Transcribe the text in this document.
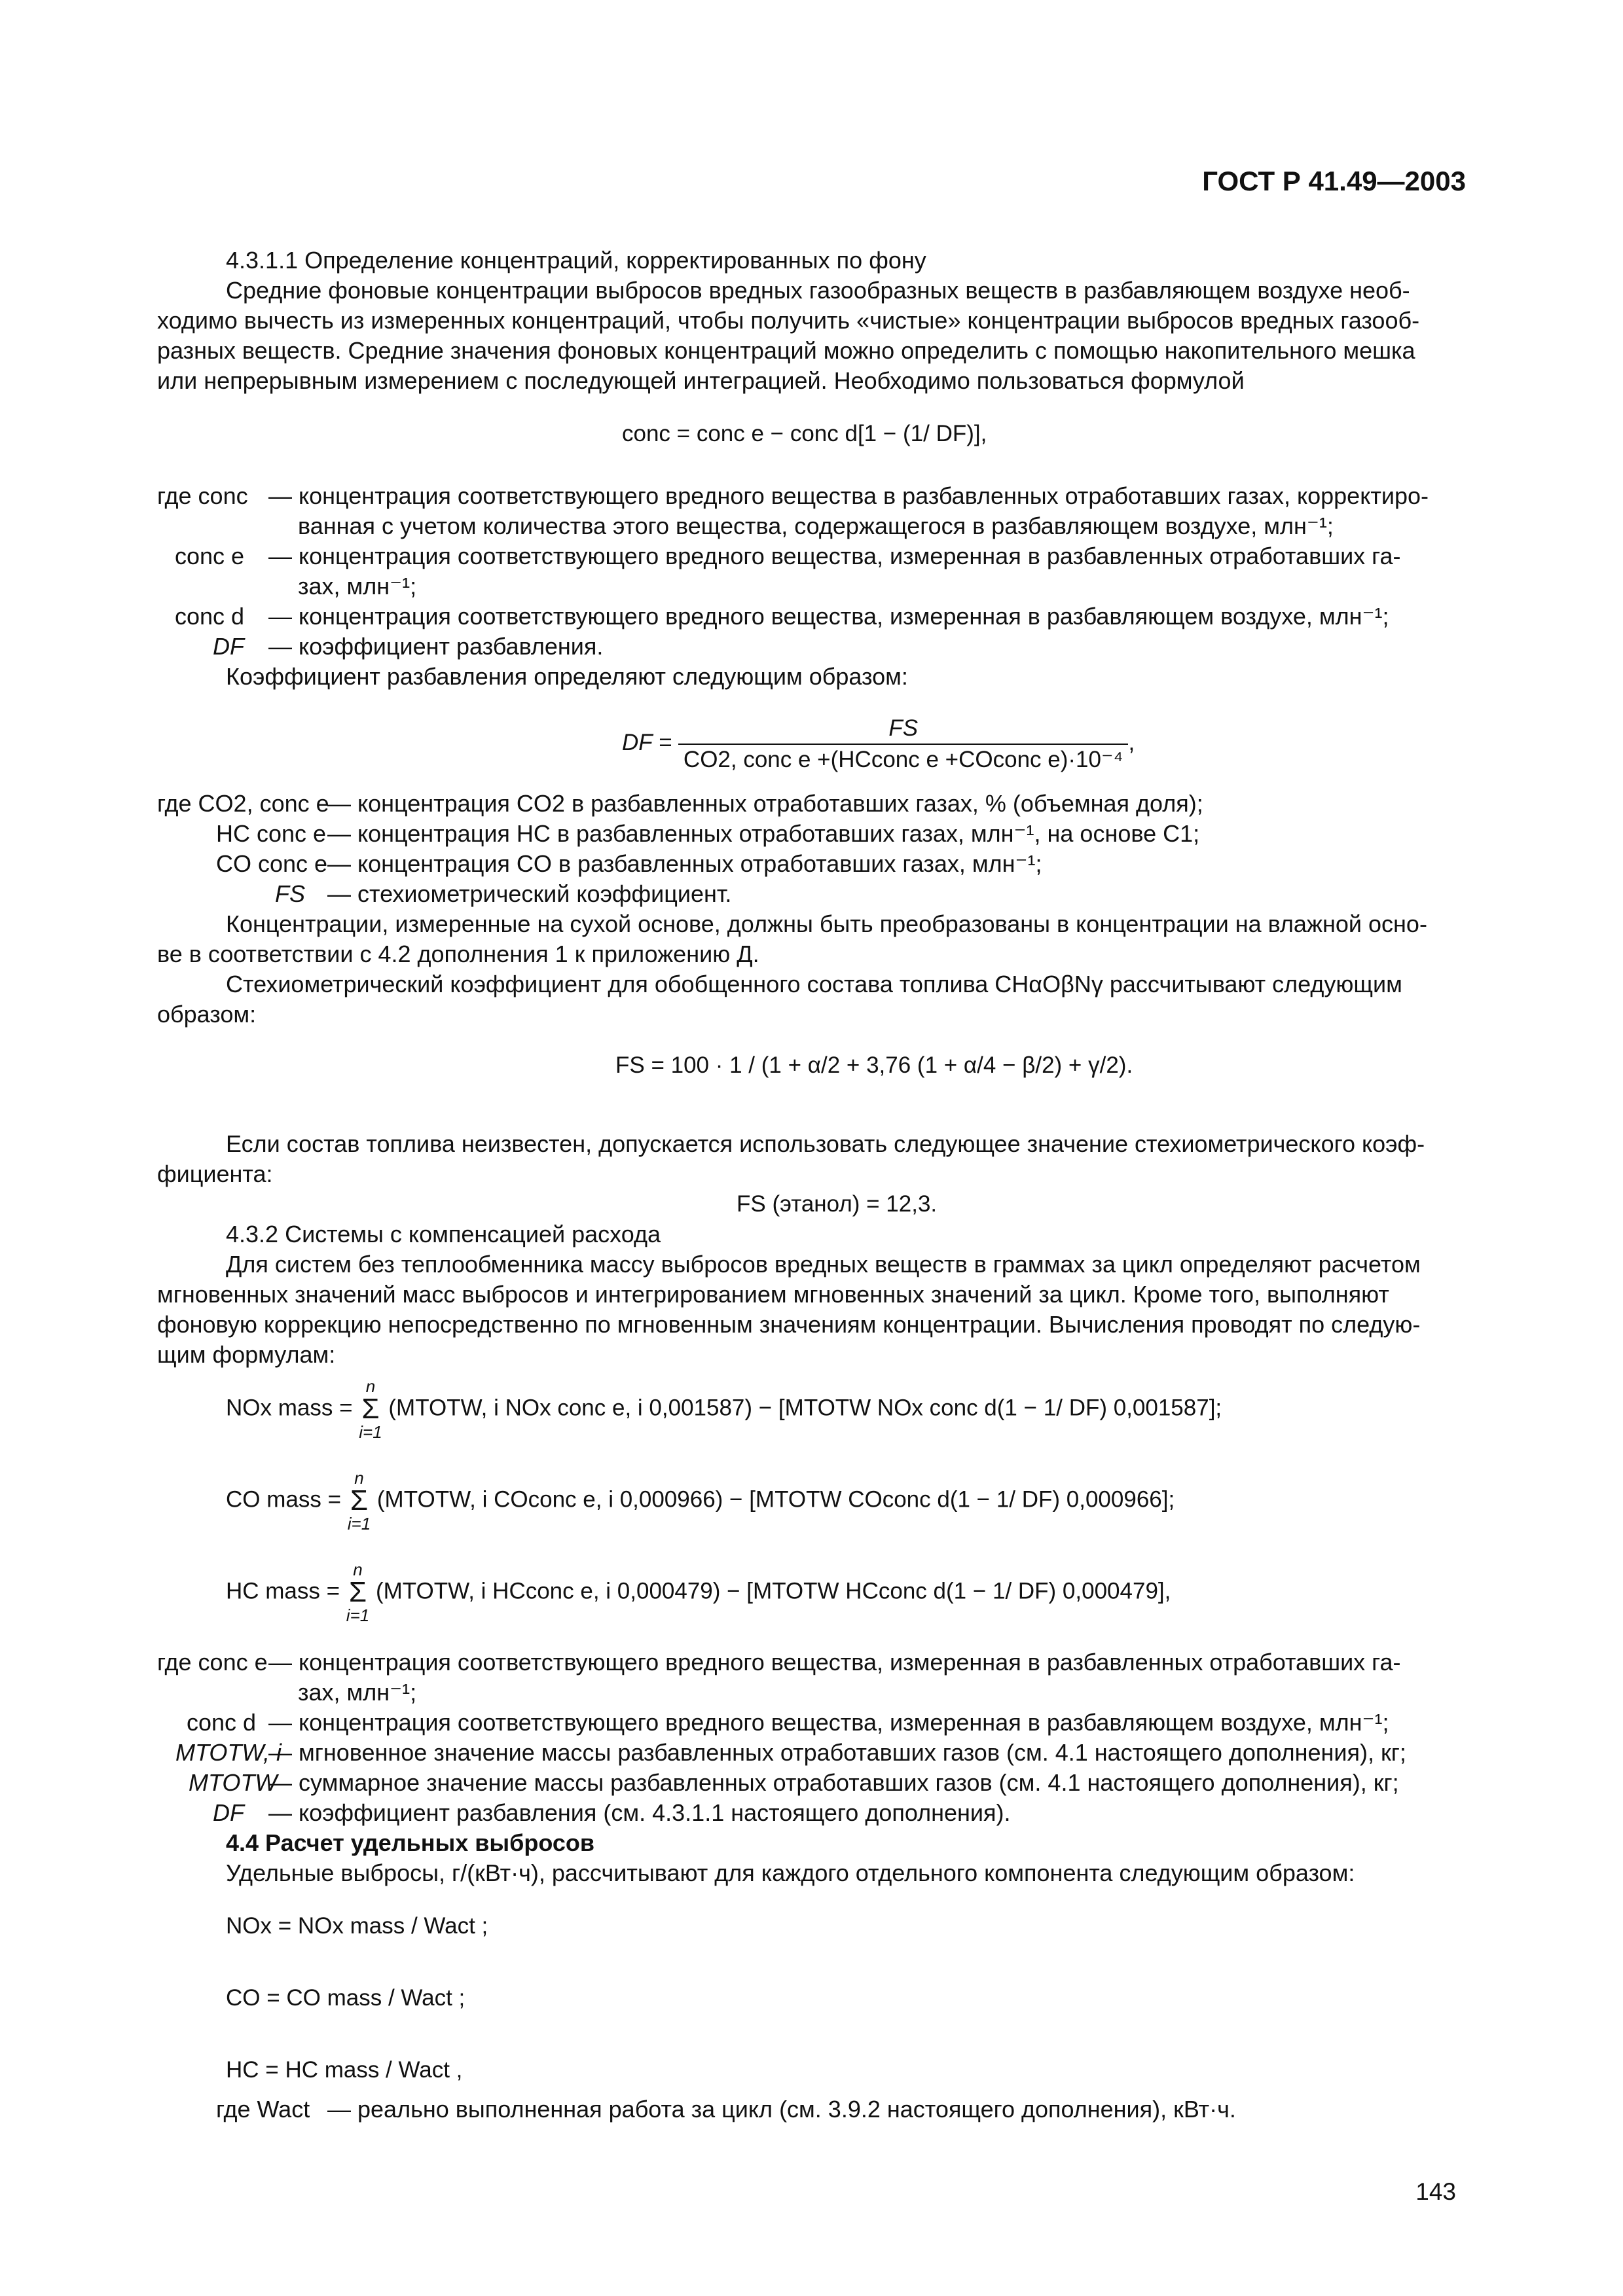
ГОСТ Р 41.49—2003
4.3.1.1 Определение концентраций, корректированных по фону
Средние фоновые концентрации выбросов вредных газообразных веществ в разбавляющем воздухе необ-
ходимо вычесть из измеренных концентраций, чтобы получить «чистые» концентрации выбросов вредных газооб-
разных веществ. Средние значения фоновых концентраций можно определить с помощью накопительного мешка
или непрерывным измерением с последующей интеграцией. Необходимо пользоваться формулой
conc = conc e − conc d[1 − (1/ DF)],
где conc — концентрация соответствующего вредного вещества в разбавленных отработавших газах, корректиро-
ванная с учетом количества этого вещества, содержащегося в разбавляющем воздухе, млн⁻¹;
conc e — концентрация соответствующего вредного вещества, измеренная в разбавленных отработавших га-
зах, млн⁻¹;
conc d — концентрация соответствующего вредного вещества, измеренная в разбавляющем воздухе, млн⁻¹;
DF — коэффициент разбавления.
Коэффициент разбавления определяют следующим образом:
DF = $\frac{FS}{\text{CO2, conc e +(HCconc e +COconc e)·10⁻⁴}}$ ,
где CO2, conc e
— концентрация CO2 в разбавленных отработавших газах, % (объемная доля);
HC conc e — концентрация HC в разбавленных отработавших газах, млн⁻¹, на основе C1;
CO conc e — концентрация CO в разбавленных отработавших газах, млн⁻¹;
FS — стехиометрический коэффициент.
Концентрации, измеренные на сухой основе, должны быть преобразованы в концентрации на влажной осно-
ве в соответствии с 4.2 дополнения 1 к приложению Д.
Стехиометрический коэффициент для обобщенного состава топлива CHαOβNγ рассчитывают следующим
образом:
FS = 100 · 1 / (1 + α/2 + 3,76 (1 + α/4 − β/2) + γ/2).
Если состав топлива неизвестен, допускается использовать следующее значение стехиометрического коэф-
фициента:
FS (этанол) = 12,3.
4.3.2 Системы с компенсацией расхода
Для систем без теплообменника массу выбросов вредных веществ в граммах за цикл определяют расчетом
мгновенных значений масс выбросов и интегрированием мгновенных значений за цикл. Кроме того, выполняют
фоновую коррекцию непосредственно по мгновенным значениям концентрации. Вычисления проводят по следую-
щим формулам:
NOx mass = n
Σ
i=1 (MTOTW, i NOx conc e, i 0,001587) − [MTOTW NOx conc d(1 − 1/ DF) 0,001587];
CO mass = n
Σ
i=1 (MTOTW, i COconc e, i 0,000966) − [MTOTW COconc d(1 − 1/ DF) 0,000966];
HC mass = n
Σ
i=1 (MTOTW, i HCconc e, i 0,000479) − [MTOTW HCconc d(1 − 1/ DF) 0,000479],
где conc e — концентрация соответствующего вредного вещества, измеренная в разбавленных отработавших га-
зах, млн⁻¹;
conc d — концентрация соответствующего вредного вещества, измеренная в разбавляющем воздухе, млн⁻¹;
MTOTW, i
— мгновенное значение массы разбавленных отработавших газов (см. 4.1 настоящего дополнения), кг;
MTOTW
— суммарное значение массы разбавленных отработавших газов (см. 4.1 настоящего дополнения), кг;
DF — коэффициент разбавления (см. 4.3.1.1 настоящего дополнения).
4.4 Расчет удельных выбросов
Удельные выбросы, г/(кВт·ч), рассчитывают для каждого отдельного компонента следующим образом:
NOx = NOx mass / Wact ;
CO = CO mass / Wact ;
HC = HC mass / Wact ,
где Wact — реально выполненная работа за цикл (см. 3.9.2 настоящего дополнения), кВт·ч.
143
